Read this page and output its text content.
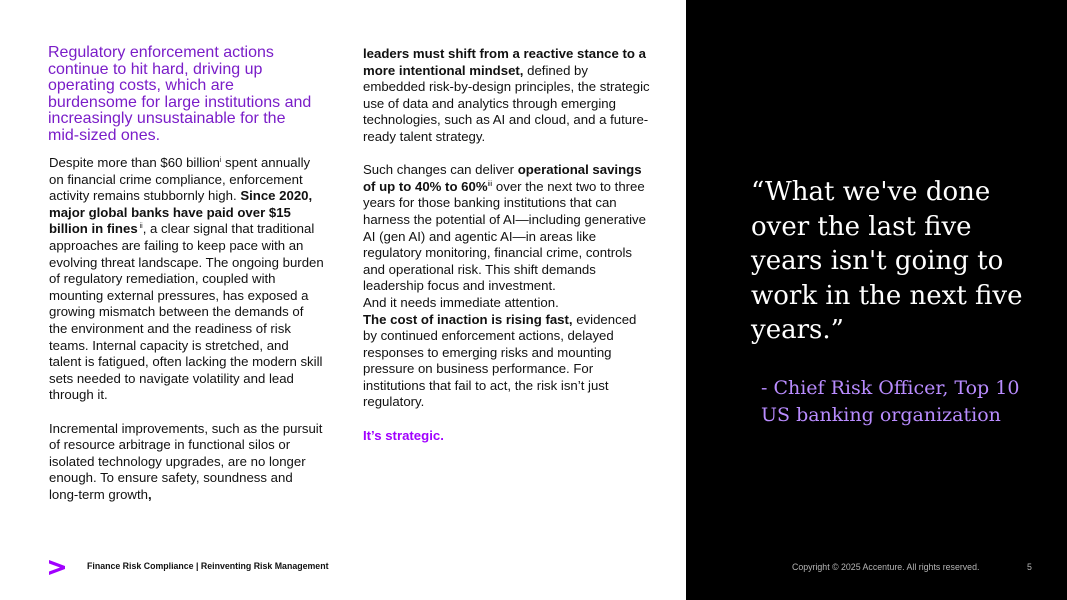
Regulatory enforcement actions continue to hit hard, driving up operating costs, which are burdensome for large institutions and increasingly unsustainable for the mid-sized ones.

Despite more than $60 billion$^i$ spent annually on financial crime compliance, enforcement activity remains stubbornly high. Since 2020, major global banks have paid over $15 billion in fines $^{ii}$, a clear signal that traditional approaches are failing to keep pace with an evolving threat landscape. The ongoing burden of regulatory remediation, coupled with mounting external pressures, has exposed a growing mismatch between the demands of the environment and the readiness of risk teams. Internal capacity is stretched, and talent is fatigued, often lacking the modern skill sets needed to navigate volatility and lead through it.

Incremental improvements, such as the pursuit of resource arbitrage in functional silos or isolated technology upgrades, are no longer enough. To ensure safety, soundness and long-term growth,

leaders must shift from a reactive stance to a more intentional mindset, defined by embedded risk-by-design principles, the strategic use of data and analytics through emerging technologies, such as AI and cloud, and a future-ready talent strategy.

Such changes can deliver operational savings of up to 40% to 60%$^{iii}$ over the next two to three years for those banking institutions that can harness the potential of AI—including generative AI (gen AI) and agentic AI—in areas like regulatory monitoring, financial crime, controls and operational risk. This shift demands leadership focus and investment.

And it needs immediate attention.

The cost of inaction is rising fast, evidenced by continued enforcement actions, delayed responses to emerging risks and mounting pressure on business performance. For institutions that fail to act, the risk isn’t just regulatory.

It’s strategic.

“What we've done over the last five years isn't going to work in the next five years.”
- Chief Risk Officer, Top 10 US banking organization
Finance Risk Compliance | Reinventing Risk Management	Copyright © 2025 Accenture. All rights reserved.	5
